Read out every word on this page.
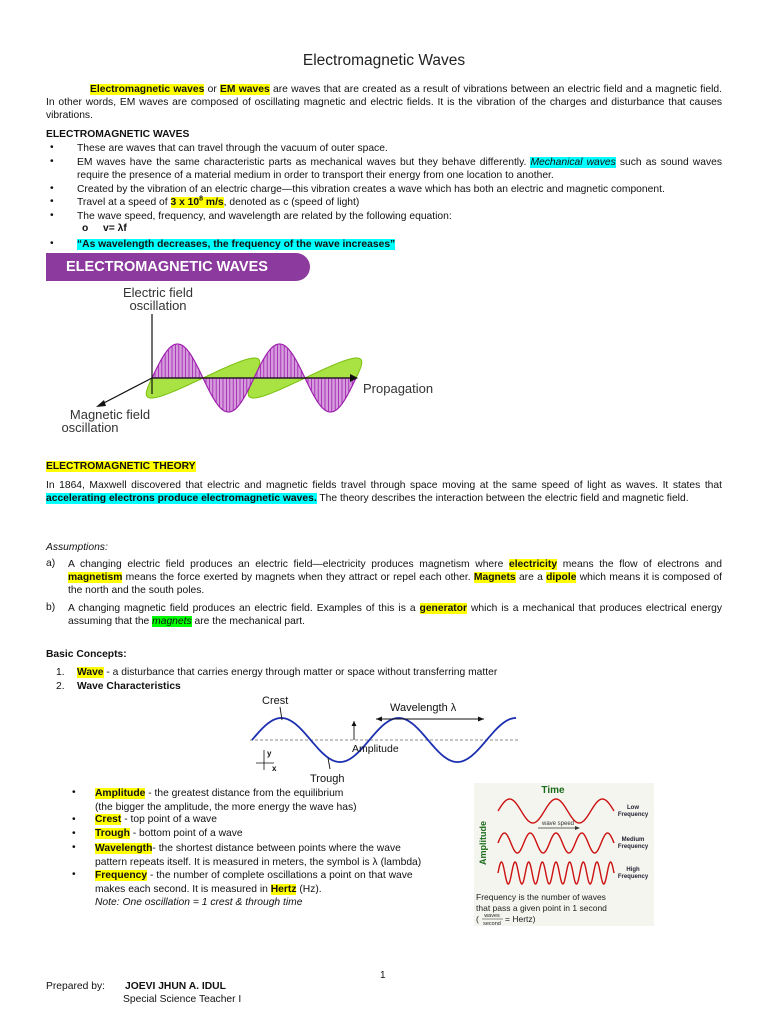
Electromagnetic Waves

Electromagnetic waves or EM waves are waves that are created as a result of vibrations between an electric field and a magnetic field. In other words, EM waves are composed of oscillating magnetic and electric fields. It is the vibration of the charges and disturbance that causes vibrations.

ELECTROMAGNETIC WAVES
• These are waves that can travel through the vacuum of outer space.
• EM waves have the same characteristic parts as mechanical waves but they behave differently. Mechanical waves such as sound waves require the presence of a material medium in order to transport their energy from one location to another.
• Created by the vibration of an electric charge—this vibration creates a wave which has both an electric and magnetic component.
• Travel at a speed of 3 x $10^8$ m/s, denoted as c (speed of light)
• The wave speed, frequency, and wavelength are related by the following equation:
o v= λf
• “As wavelength decreases, the frequency of the wave increases”
ELECTROMAGNETIC WAVES
Electric field
oscillation
Propagation
Magnetic field
oscillation
ELECTROMAGNETIC THEORY

In 1864, Maxwell discovered that electric and magnetic fields travel through space moving at the same speed of light as waves. It states that accelerating electrons produce electromagnetic waves. The theory describes the interaction between the electric field and magnetic field.

Assumptions:
a) A changing electric field produces an electric field—electricity produces magnetism where electricity means the flow of electrons and magnetism means the force exerted by magnets when they attract or repel each other. Magnets are a dipole which means it is composed of the north and the south poles.

b) A changing magnetic field produces an electric field. Examples of this is a generator which is a mechanical that produces electrical energy assuming that the magnets are the mechanical part.

Basic Concepts:
1. Wave - a disturbance that carries energy through matter or space without transferring matter
2. Wave Characteristics
Crest
Wavelength λ
Amplitude
Trough
y
x
• Amplitude - the greatest distance from the equilibrium
(the bigger the amplitude, the more energy the wave has)
• Crest - top point of a wave
• Trough - bottom point of a wave
• Wavelength- the shortest distance between points where the wave
pattern repeats itself. It is measured in meters, the symbol is λ (lambda)
• Frequency - the number of complete oscillations a point on that wave
makes each second. It is measured in Hertz (Hz).
Note: One oscillation = 1 crest & through time
Time
Amplitude	wave speed
Low
Frequency
Medium
Frequency
High
Frequency
Frequency is the number of waves
that pass a given point in 1 second
( waves
second = Hertz)
1
Prepared by: JOEVI JHUN A. IDUL
Special Science Teacher I
